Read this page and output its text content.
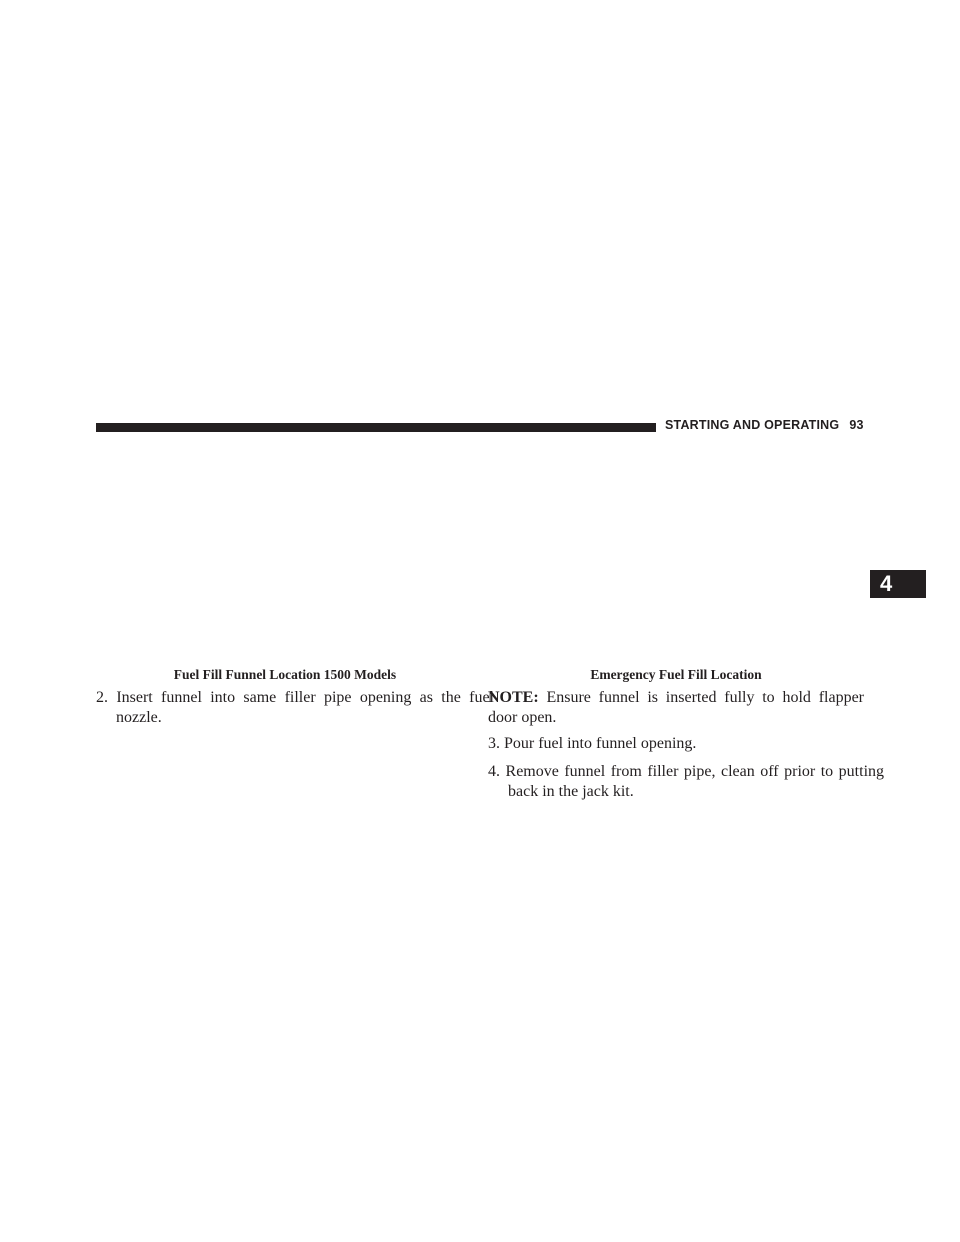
STARTING AND OPERATING 93
4
Fuel Fill Funnel Location 1500 Models	Emergency Fuel Fill Location
2. Insert funnel into same filler pipe opening as the fuel nozzle.
NOTE: Ensure funnel is inserted fully to hold flapper door open.
3. Pour fuel into funnel opening.
4. Remove funnel from filler pipe, clean off prior to putting back in the jack kit.
